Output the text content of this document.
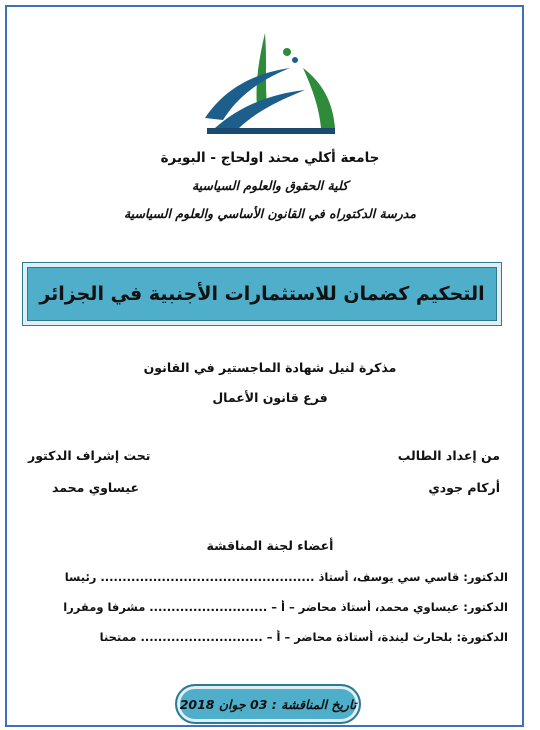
جامعة أكلي محند اولحاج - البويرة
كلية الحقوق والعلوم السياسية
مدرسة الدكتوراه في القانون الأساسي والعلوم السياسية
التحكيم كضمان للاستثمارات الأجنبية في الجزائر
مذكرة لنيل شهادة الماجستير في القانون
فرع قانون الأعمال
من إعداد الطالب
أركام جودي
تحت إشراف الدكتور
عيساوي محمد
أعضاء لجنة المناقشة
الدكتور: قاسي سي يوسف، أستاذ ................................................. رئيسا
الدكتور: عيساوي محمد، أستاذ محاضر – أ – ........................... مشرفا ومقررا
الدكتورة: بلحارث ليندة، أستاذة محاضر – أ – ............................ ممتحنا
تاريخ المناقشة : 03 جوان 2018
